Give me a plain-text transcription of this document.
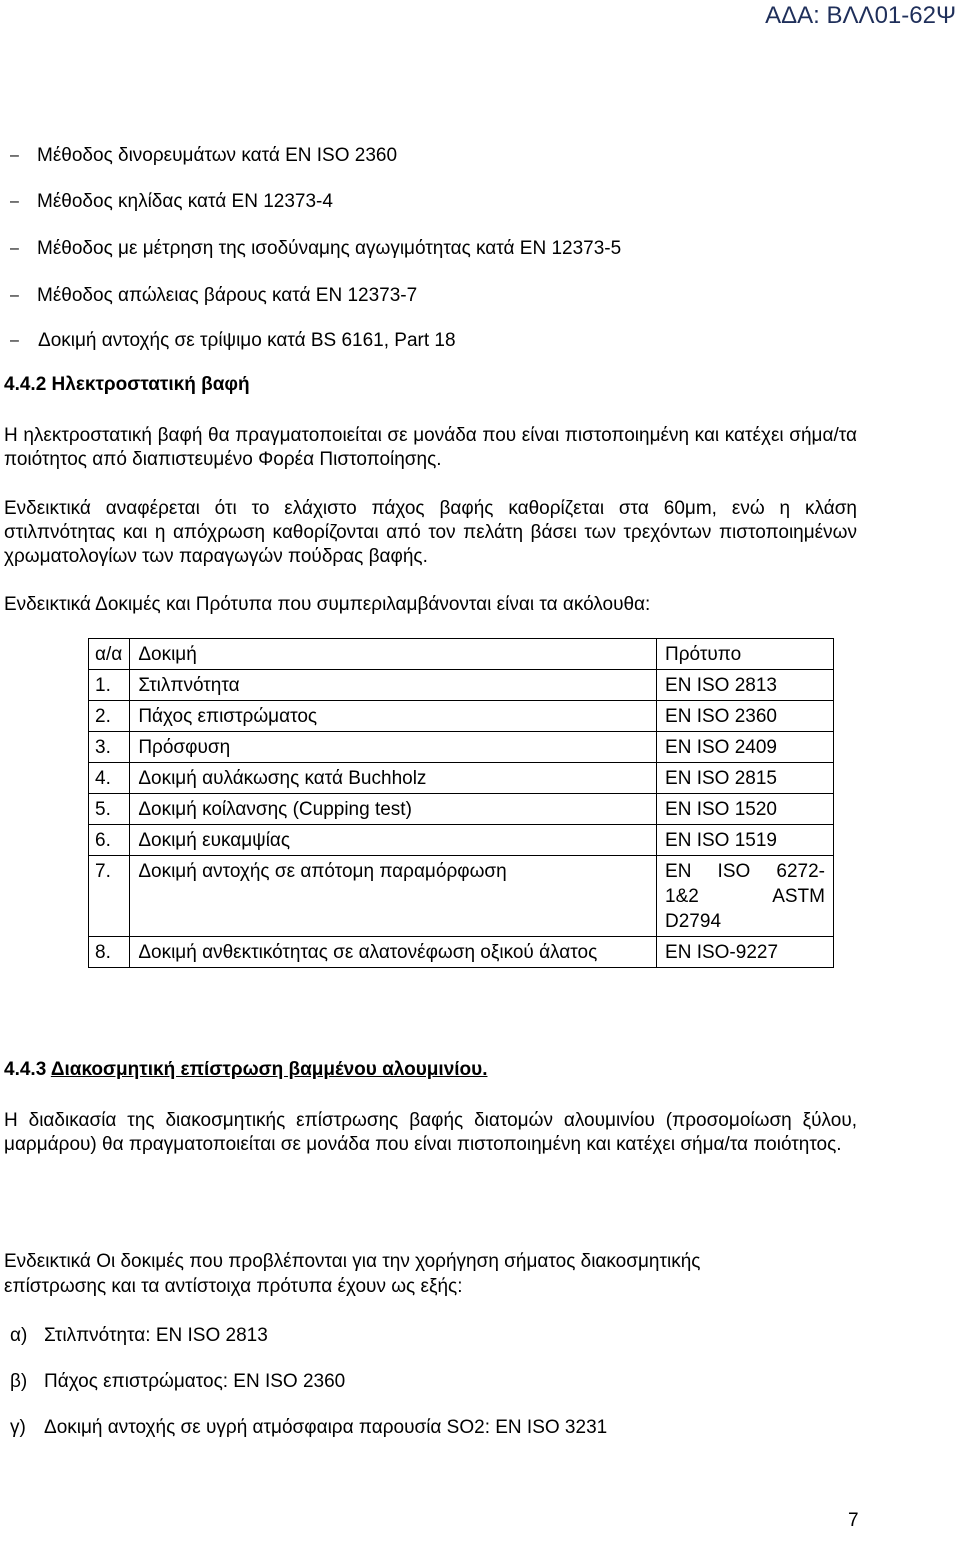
ΑΔΑ: ΒΛΛ01-62Ψ
– Μέθοδος δινορευμάτων κατά ΕΝ ISO 2360
– Μέθοδος κηλίδας κατά ΕΝ 12373-4
– Μέθοδος με μέτρηση της ισοδύναμης αγωγιμότητας κατά ΕΝ 12373-5
– Μέθοδος απώλειας βάρους κατά ΕΝ 12373-7
– Δοκιμή αντοχής σε τρίψιμο κατά BS 6161, Part 18
4.4.2 Ηλεκτροστατική βαφή
Η ηλεκτροστατική βαφή θα πραγματοποιείται σε μονάδα που είναι πιστοποιημένη και κατέχει σήμα/τα ποιότητος από διαπιστευμένο Φορέα Πιστοποίησης.
Ενδεικτικά αναφέρεται ότι το ελάχιστο πάχος βαφής καθορίζεται στα 60μm, ενώ η κλάση στιλπνότητας και η απόχρωση καθορίζονται από τον πελάτη βάσει των τρεχόντων πιστοποιημένων χρωματολογίων των παραγωγών πούδρας βαφής.
Ενδεικτικά Δοκιμές και Πρότυπα που συμπεριλαμβάνονται είναι τα ακόλουθα:
α/α	Δοκιμή	Πρότυπο
1.	Στιλπνότητα	ΕΝ ISO 2813
2.	Πάχος επιστρώματος	ΕΝ ISO 2360
3.	Πρόσφυση	ΕΝ ISO 2409
4.	Δοκιμή αυλάκωσης κατά Buchholz	ΕΝ ISO 2815
5.	Δοκιμή κοίλανσης (Cupping test)	ΕΝ ISO 1520
6.	Δοκιμή ευκαμψίας	ΕΝ ISO 1519
7.	Δοκιμή αντοχής σε απότομη παραμόρφωση	ΕΝ ISO 6272-
1&2 ASTM
D2794

8.	Δοκιμή ανθεκτικότητας σε αλατονέφωση οξικού άλατος	ΕΝ ISO-9227
4.4.3 Διακοσμητική επίστρωση βαμμένου αλουμινίου.
Η διαδικασία της διακοσμητικής επίστρωσης βαφής διατομών αλουμινίου (προσομοίωση ξύλου, μαρμάρου) θα πραγματοποιείται σε μονάδα που είναι πιστοποιημένη και κατέχει σήμα/τα ποιότητος.
Ενδεικτικά Οι δοκιμές που προβλέπονται για την χορήγηση σήματος διακοσμητικής
επίστρωσης και τα αντίστοιχα πρότυπα έχουν ως εξής:
α) Στιλπνότητα: ΕΝ ISO 2813
β) Πάχος επιστρώματος: ΕΝ ISO 2360
γ) Δοκιμή αντοχής σε υγρή ατμόσφαιρα παρουσία SO2: ΕΝ ISO 3231
7
